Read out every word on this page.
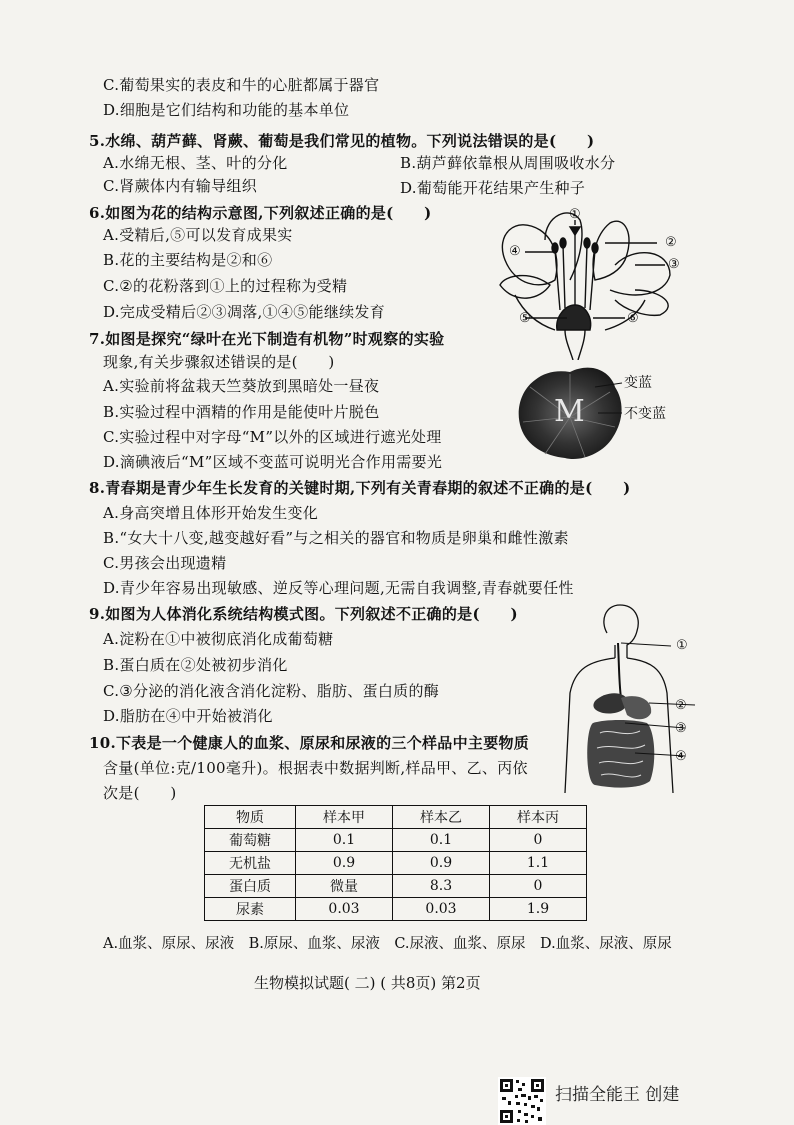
C.葡萄果实的表皮和牛的心脏都属于器官
D.细胞是它们结构和功能的基本单位
5.水绵、葫芦藓、肾蕨、葡萄是我们常见的植物。下列说法错误的是(　　)
A.水绵无根、茎、叶的分化	B.葫芦藓依靠根从周围吸收水分
C.肾蕨体内有输导组织	D.葡萄能开花结果产生种子
6.如图为花的结构示意图,下列叙述正确的是(　　)
A.受精后,⑤可以发育成果实
B.花的主要结构是②和⑥
C.②的花粉落到①上的过程称为受精
D.完成受精后②③凋落,①④⑤能继续发育
①
②
③
④
⑤	⑥
7.如图是探究“绿叶在光下制造有机物”时观察的实验
现象,有关步骤叙述错误的是(　　)
A.实验前将盆栽天竺葵放到黑暗处一昼夜
B.实验过程中酒精的作用是能使叶片脱色
C.实验过程中对字母“M”以外的区域进行遮光处理
D.滴碘液后“M”区域不变蓝可说明光合作用需要光
M
变蓝
不变蓝
8.青春期是青少年生长发育的关键时期,下列有关青春期的叙述不正确的是(　　)
A.身高突增且体形开始发生变化
B.“女大十八变,越变越好看”与之相关的器官和物质是卵巢和雌性激素
C.男孩会出现遗精
D.青少年容易出现敏感、逆反等心理问题,无需自我调整,青春就要任性
9.如图为人体消化系统结构模式图。下列叙述不正确的是(　　)
A.淀粉在①中被彻底消化成葡萄糖
B.蛋白质在②处被初步消化
C.③分泌的消化液含消化淀粉、脂肪、蛋白质的酶
D.脂肪在④中开始被消化
①
②
③
④
10.下表是一个健康人的血浆、原尿和尿液的三个样品中主要物质
含量(单位:克/100毫升)。根据表中数据判断,样品甲、乙、丙依
次是(　　)
物质	样本甲	样本乙	样本丙
葡萄糖	0.1	0.1	0
无机盐	0.9	0.9	1.1
蛋白质	微量	8.3	0
尿素	0.03	0.03	1.9
A.血浆、原尿、尿液　B.原尿、血浆、尿液　C.尿液、血浆、原尿　D.血浆、尿液、原尿
生物模拟试题( 二) ( 共8页) 第2页
扫描全能王 创建
